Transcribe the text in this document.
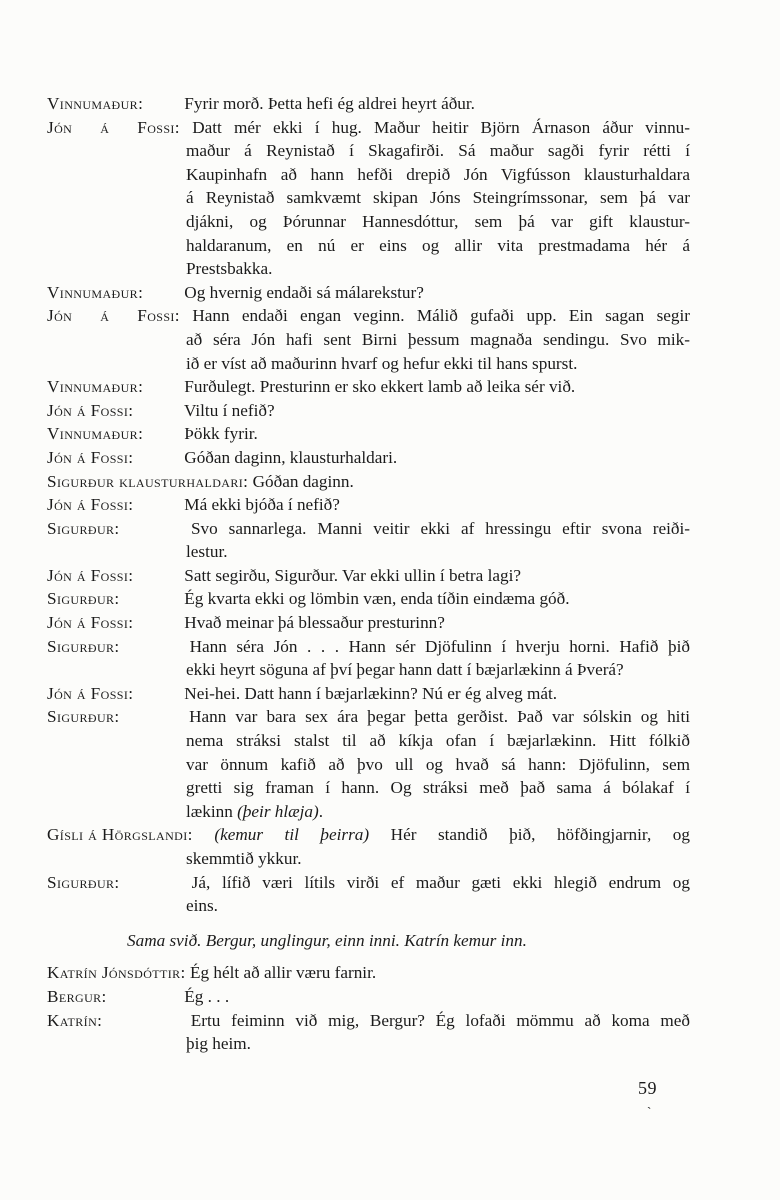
Vinnumaður: Fyrir morð. Þetta hefi ég aldrei heyrt áður.
Jón á Fossi: Datt mér ekki í hug. Maður heitir Björn Árnason áður vinnu-
maður á Reynistað í Skagafirði. Sá maður sagði fyrir rétti í
Kaupinhafn að hann hefði drepið Jón Vigfússon klausturhaldara
á Reynistað samkvæmt skipan Jóns Steingrímssonar, sem þá var
djákni, og Þórunnar Hannesdóttur, sem þá var gift klaustur-
haldaranum, en nú er eins og allir vita prestmadama hér á
Prestsbakka.
Vinnumaður: Og hvernig endaði sá málarekstur?
Jón á Fossi: Hann endaði engan veginn. Málið gufaði upp. Ein sagan segir
að séra Jón hafi sent Birni þessum magnaða sendingu. Svo mik-
ið er víst að maðurinn hvarf og hefur ekki til hans spurst.
Vinnumaður: Furðulegt. Presturinn er sko ekkert lamb að leika sér við.
Jón á Fossi:	Viltu í nefið?
Vinnumaður: Þökk fyrir.
Jón á Fossi:	Góðan daginn, klausturhaldari.
Sigurður klausturhaldari: Góðan daginn.
Jón á Fossi:	Má ekki bjóða í nefið?
Sigurður:	Svo sannarlega. Manni veitir ekki af hressingu eftir svona reiði-
lestur.
Jón á Fossi:	Satt segirðu, Sigurður. Var ekki ullin í betra lagi?
Sigurður:	Ég kvarta ekki og lömbin væn, enda tíðin eindæma góð.
Jón á Fossi:	Hvað meinar þá blessaður presturinn?
Sigurður:	Hann séra Jón . . . Hann sér Djöfulinn í hverju horni. Hafið þið
ekki heyrt söguna af því þegar hann datt í bæjarlækinn á Þverá?
Jón á Fossi:	Nei-hei. Datt hann í bæjarlækinn? Nú er ég alveg mát.
Sigurður:	Hann var bara sex ára þegar þetta gerðist. Það var sólskin og hiti
nema stráksi stalst til að kíkja ofan í bæjarlækinn. Hitt fólkið
var önnum kafið að þvo ull og hvað sá hann: Djöfulinn, sem
gretti sig framan í hann. Og stráksi með það sama á bólakaf í
lækinn (þeir hlæja).
Gísli á Hörgslandi: (kemur til þeirra) Hér standið þið, höfðingjarnir, og
skemmtið ykkur.
Sigurður:	Já, lífið væri lítils virði ef maður gæti ekki hlegið endrum og
eins.
Sama svið. Bergur, unglingur, einn inni. Katrín kemur inn.
Katrín Jónsdóttir: Ég hélt að allir væru farnir.
Bergur:	Ég . . .
Katrín:	Ertu feiminn við mig, Bergur? Ég lofaði mömmu að koma með
þig heim.
59
ˋ
